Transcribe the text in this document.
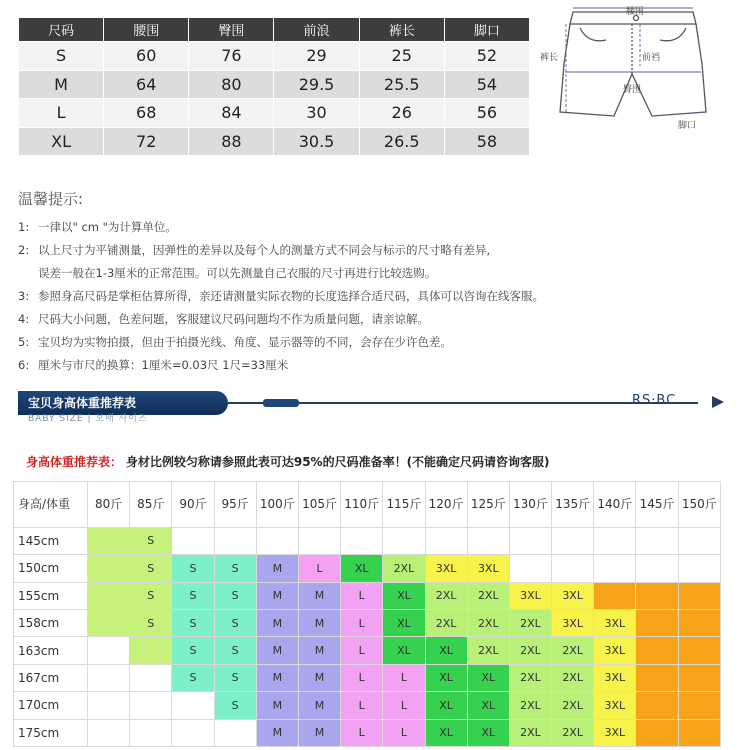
尺码	腰围	臀围	前浪	裤长	脚口
S	60	76	29	25	52
M	64	80	29.5	25.5	54
L	68	84	30	26	56
XL	72	88	30.5	26.5	58
腰围
裤长	前裆
臀围
脚口
温馨提示:
1: 一律以" cm "为计算单位。
2: 以上尺寸为平铺测量，因弹性的差异以及每个人的测量方式不同会与标示的尺寸略有差异,
误差一般在1-3厘米的正常范围。可以先测量自己衣服的尺寸再进行比较选购。
3: 参照身高尺码是掌柜估算所得，亲还请测量实际衣物的长度选择合适尺码，具体可以咨询在线客服。
4: 尺码大小问题，色差问题，客服建议尺码问题均不作为质量问题，请亲谅解。
5: 宝贝均为实物拍摄，但由于拍摄光线、角度、显示器等的不同，会存在少许色差。
6: 厘米与市尺的换算：1厘米=0.03尺 1尺=33厘米
宝贝身高体重推荐表
BABY SIZE | 보배 사이즈
RS·BC
身高体重推荐表： 身材比例较匀称请参照此表可达95%的尺码准备率！(不能确定尺码请咨询客服)
身高/体重	80斤	85斤	90斤	95斤	100斤	105斤	110斤	115斤	120斤	125斤	130斤	135斤	140斤	145斤	150斤
145cm		S													
150cm		S	S	S	M	L	XL	2XL	3XL	3XL					
155cm		S	S	S	M	M	L	XL	2XL	2XL	3XL	3XL			
158cm		S	S	S	M	M	L	XL	2XL	2XL	2XL	3XL	3XL		
163cm			S	S	M	M	L	XL	XL	2XL	2XL	2XL	3XL		
167cm			S	S	M	M	L	L	XL	XL	2XL	2XL	3XL		
170cm				S	M	M	L	L	XL	XL	2XL	2XL	3XL		
175cm					M	M	L	L	XL	XL	2XL	2XL	3XL		
